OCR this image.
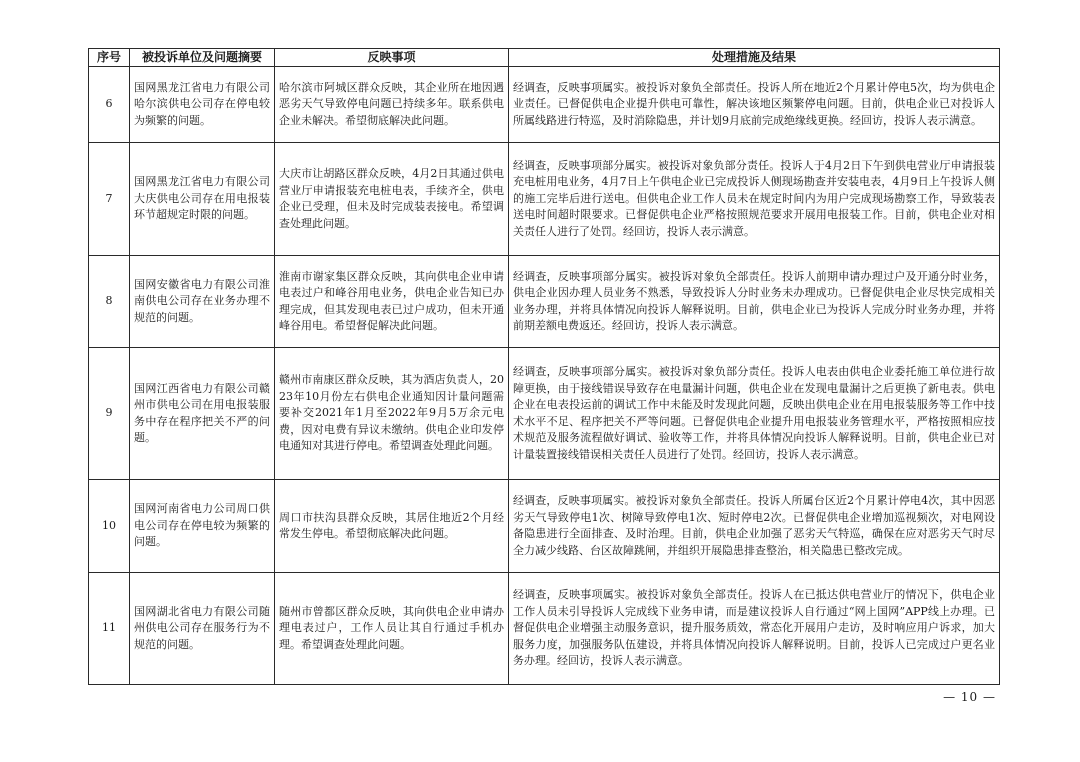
序号	被投诉单位及问题摘要	反映事项	处理措施及结果
6	国网黑龙江省电力有限公司哈尔滨供电公司存在停电较为频繁的问题。	哈尔滨市阿城区群众反映，其企业所在地因遇恶劣天气导致停电问题已持续多年。联系供电企业未解决。希望彻底解决此问题。	经调查，反映事项属实。被投诉对象负全部责任。投诉人所在地近2个月累计停电5次，均为供电企业责任。已督促供电企业提升供电可靠性，解决该地区频繁停电问题。目前，供电企业已对投诉人所属线路进行特巡，及时消除隐患，并计划9月底前完成绝缘线更换。经回访，投诉人表示满意。
7	国网黑龙江省电力有限公司大庆供电公司存在用电报装环节超规定时限的问题。	大庆市让胡路区群众反映，4月2日其通过供电营业厅申请报装充电桩电表，手续齐全，供电企业已受理，但未及时完成装表接电。希望调查处理此问题。	经调查，反映事项部分属实。被投诉对象负部分责任。投诉人于4月2日下午到供电营业厅申请报装充电桩用电业务，4月7日上午供电企业已完成投诉人侧现场勘查并安装电表，4月9日上午投诉人侧的施工完毕后进行送电。但供电企业工作人员未在规定时间内为用户完成现场勘察工作，导致装表送电时间超时限要求。已督促供电企业严格按照规范要求开展用电报装工作。目前，供电企业对相关责任人进行了处罚。经回访，投诉人表示满意。
8	国网安徽省电力有限公司淮南供电公司存在业务办理不规范的问题。	淮南市谢家集区群众反映，其向供电企业申请电表过户和峰谷用电业务，供电企业告知已办理完成，但其发现电表已过户成功，但未开通峰谷用电。希望督促解决此问题。	经调查，反映事项部分属实。被投诉对象负全部责任。投诉人前期申请办理过户及开通分时业务，供电企业因办理人员业务不熟悉，导致投诉人分时业务未办理成功。已督促供电企业尽快完成相关业务办理，并将具体情况向投诉人解释说明。目前，供电企业已为投诉人完成分时业务办理，并将前期差额电费返还。经回访，投诉人表示满意。
9	国网江西省电力有限公司赣州市供电公司在用电报装服务中存在程序把关不严的问题。	赣州市南康区群众反映，其为酒店负责人，2023年10月份左右供电企业通知因计量问题需要补交2021年1月至2022年9月5万余元电费，因对电费有异议未缴纳。供电企业印发停电通知对其进行停电。希望调查处理此问题。	经调查，反映事项部分属实。被投诉对象负部分责任。投诉人电表由供电企业委托施工单位进行故障更换，由于接线错误导致存在电量漏计问题，供电企业在发现电量漏计之后更换了新电表。供电企业在电表投运前的调试工作中未能及时发现此问题，反映出供电企业在用电报装服务等工作中技术水平不足、程序把关不严等问题。已督促供电企业提升用电报装业务管理水平，严格按照相应技术规范及服务流程做好调试、验收等工作，并将具体情况向投诉人解释说明。目前，供电企业已对计量装置接线错误相关责任人员进行了处罚。经回访，投诉人表示满意。
10	国网河南省电力公司周口供电公司存在停电较为频繁的问题。	周口市扶沟县群众反映，其居住地近2个月经常发生停电。希望彻底解决此问题。	经调查，反映事项属实。被投诉对象负全部责任。投诉人所属台区近2个月累计停电4次，其中因恶劣天气导致停电1次、树障导致停电1次、短时停电2次。已督促供电企业增加巡视频次，对电网设备隐患进行全面排查、及时治理。目前，供电企业加强了恶劣天气特巡，确保在应对恶劣天气时尽全力减少线路、台区故障跳闸，并组织开展隐患排查整治，相关隐患已整改完成。
11	国网湖北省电力有限公司随州供电公司存在服务行为不规范的问题。	随州市曾都区群众反映，其向供电企业申请办理电表过户，工作人员让其自行通过手机办理。希望调查处理此问题。	经调查，反映事项属实。被投诉对象负全部责任。投诉人在已抵达供电营业厅的情况下，供电企业工作人员未引导投诉人完成线下业务申请，而是建议投诉人自行通过“网上国网”APP线上办理。已督促供电企业增强主动服务意识，提升服务质效，常态化开展用户走访，及时响应用户诉求，加大服务力度，加强服务队伍建设，并将具体情况向投诉人解释说明。目前，投诉人已完成过户更名业务办理。经回访，投诉人表示满意。
— 10 —
